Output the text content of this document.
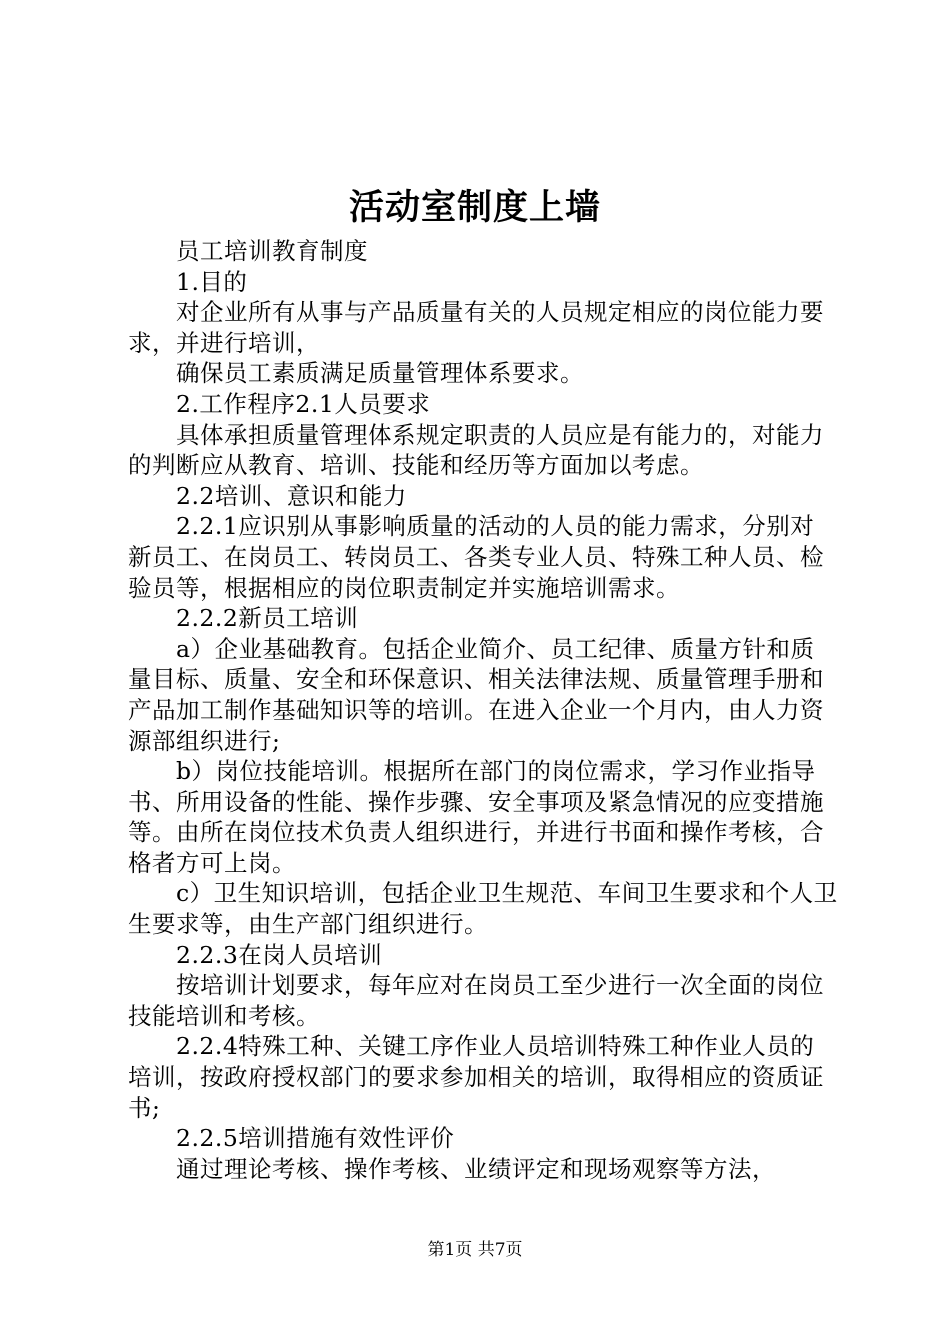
活动室制度上墙

员工培训教育制度

1.目的

对企业所有从事与产品质量有关的人员规定相应的岗位能力要求，并进行培训，

确保员工素质满足质量管理体系要求。

2.工作程序2.1人员要求

具体承担质量管理体系规定职责的人员应是有能力的，对能力的判断应从教育、培训、技能和经历等方面加以考虑。

2.2培训、意识和能力

2.2.1应识别从事影响质量的活动的人员的能力需求，分别对新员工、在岗员工、转岗员工、各类专业人员、特殊工种人员、检验员等，根据相应的岗位职责制定并实施培训需求。

2.2.2新员工培训

a）企业基础教育。包括企业简介、员工纪律、质量方针和质量目标、质量、安全和环保意识、相关法律法规、质量管理手册和产品加工制作基础知识等的培训。在进入企业一个月内，由人力资源部组织进行;

b）岗位技能培训。根据所在部门的岗位需求，学习作业指导书、所用设备的性能、操作步骤、安全事项及紧急情况的应变措施等。由所在岗位技术负责人组织进行，并进行书面和操作考核，合格者方可上岗。

c）卫生知识培训，包括企业卫生规范、车间卫生要求和个人卫生要求等，由生产部门组织进行。

2.2.3在岗人员培训

按培训计划要求，每年应对在岗员工至少进行一次全面的岗位技能培训和考核。

2.2.4特殊工种、关键工序作业人员培训特殊工种作业人员的培训，按政府授权部门的要求参加相关的培训，取得相应的资质证书;

2.2.5培训措施有效性评价

通过理论考核、操作考核、业绩评定和现场观察等方法，

第1页 共7页
